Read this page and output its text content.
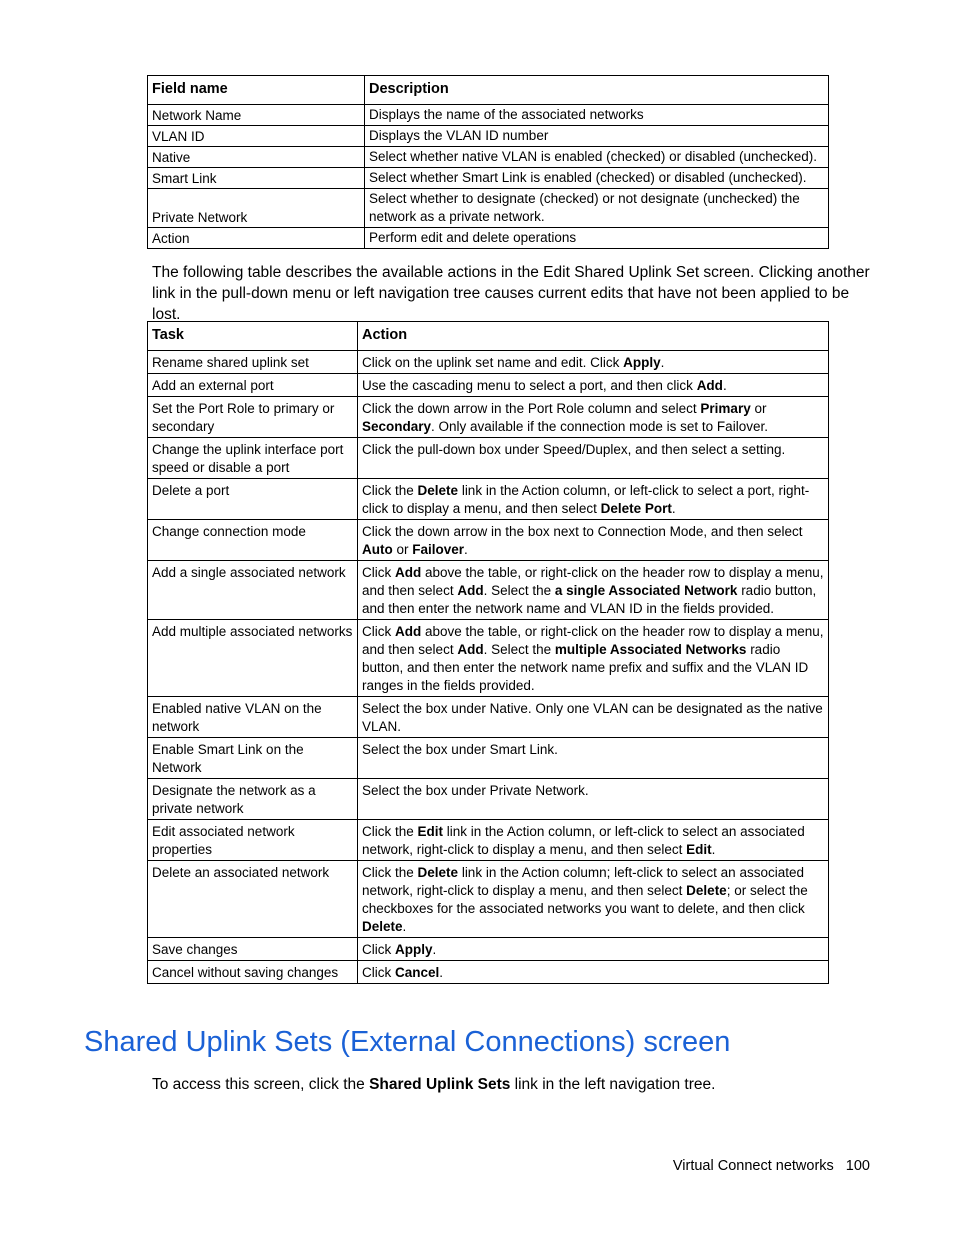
Field name	Description
Network Name	Displays the name of the associated networks
VLAN ID	Displays the VLAN ID number
Native	Select whether native VLAN is enabled (checked) or disabled (unchecked).
Smart Link	Select whether Smart Link is enabled (checked) or disabled (unchecked).
Private Network	Select whether to designate (checked) or not designate (unchecked) the network as a private network.
Action	Perform edit and delete operations

The following table describes the available actions in the Edit Shared Uplink Set screen. Clicking another link in the pull-down menu or left navigation tree causes current edits that have not been applied to be lost.

Task	Action
Rename shared uplink set	Click on the uplink set name and edit. Click Apply.
Add an external port	Use the cascading menu to select a port, and then click Add.
Set the Port Role to primary or secondary	Click the down arrow in the Port Role column and select Primary or Secondary. Only available if the connection mode is set to Failover.
Change the uplink interface port speed or disable a port	Click the pull-down box under Speed/Duplex, and then select a setting.
Delete a port	Click the Delete link in the Action column, or left-click to select a port, right-click to display a menu, and then select Delete Port.
Change connection mode	Click the down arrow in the box next to Connection Mode, and then select Auto or Failover.
Add a single associated network	Click Add above the table, or right-click on the header row to display a menu, and then select Add. Select the a single Associated Network radio button, and then enter the network name and VLAN ID in the fields provided.
Add multiple associated networks	Click Add above the table, or right-click on the header row to display a menu, and then select Add. Select the multiple Associated Networks radio button, and then enter the network name prefix and suffix and the VLAN ID ranges in the fields provided.
Enabled native VLAN on the network	Select the box under Native. Only one VLAN can be designated as the native VLAN.
Enable Smart Link on the Network	Select the box under Smart Link.
Designate the network as a private network	Select the box under Private Network.
Edit associated network properties	Click the Edit link in the Action column, or left-click to select an associated network, right-click to display a menu, and then select Edit.
Delete an associated network	Click the Delete link in the Action column; left-click to select an associated network, right-click to display a menu, and then select Delete; or select the checkboxes for the associated networks you want to delete, and then click Delete.
Save changes	Click Apply.
Cancel without saving changes	Click Cancel.
Shared Uplink Sets (External Connections) screen

To access this screen, click the Shared Uplink Sets link in the left navigation tree.

Virtual Connect networks 100
